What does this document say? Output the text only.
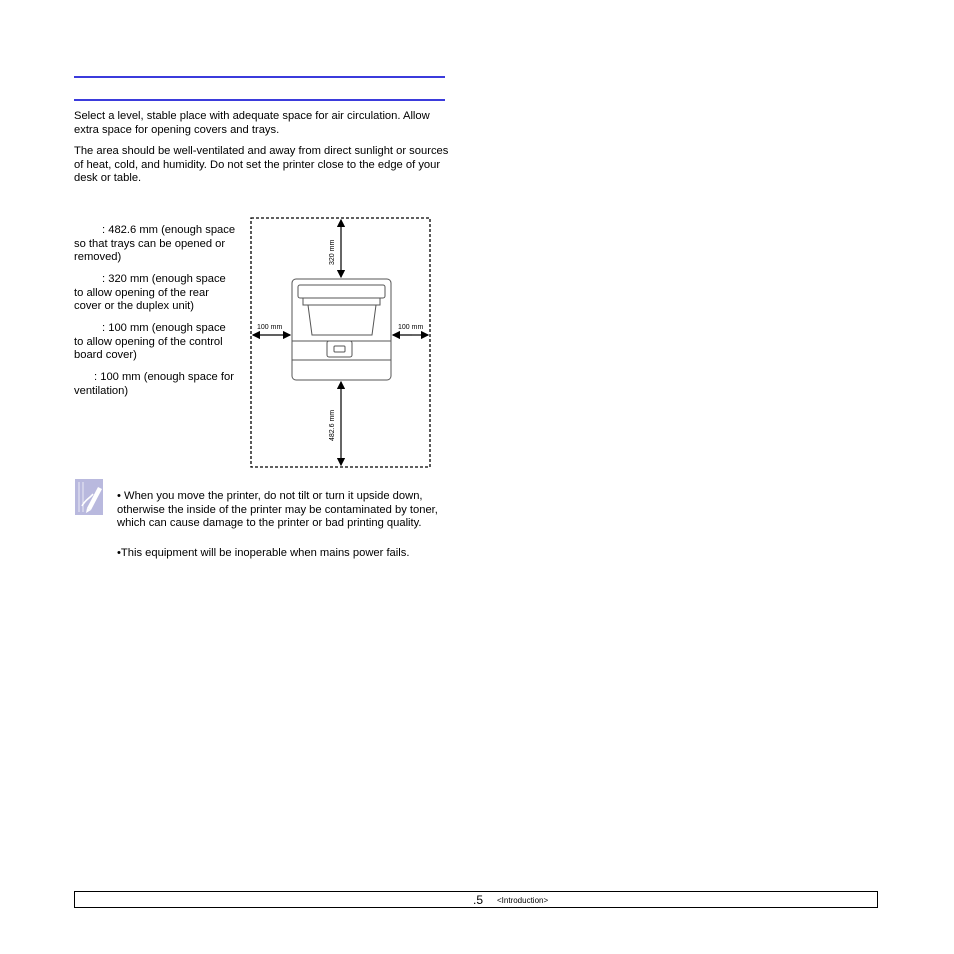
Select a level, stable place with adequate space for air circulation. Allow extra space for opening covers and trays.

The area should be well-ventilated and away from direct sunlight or sources of heat, cold, and humidity. Do not set the printer close to the edge of your desk or table.

: 482.6 mm (enough space so that trays can be opened or removed)

: 320 mm (enough space to allow opening of the rear cover or the duplex unit)

: 100 mm (enough space to allow opening of the control board cover)

: 100 mm (enough space for ventilation)

320 mm
100 mm	100 mm
482.6 mm

• When you move the printer, do not tilt or turn it upside down, otherwise the inside of the printer may be contaminated by toner, which can cause damage to the printer or bad printing quality.

•This equipment will be inoperable when mains power fails.

.5 <Introduction>
